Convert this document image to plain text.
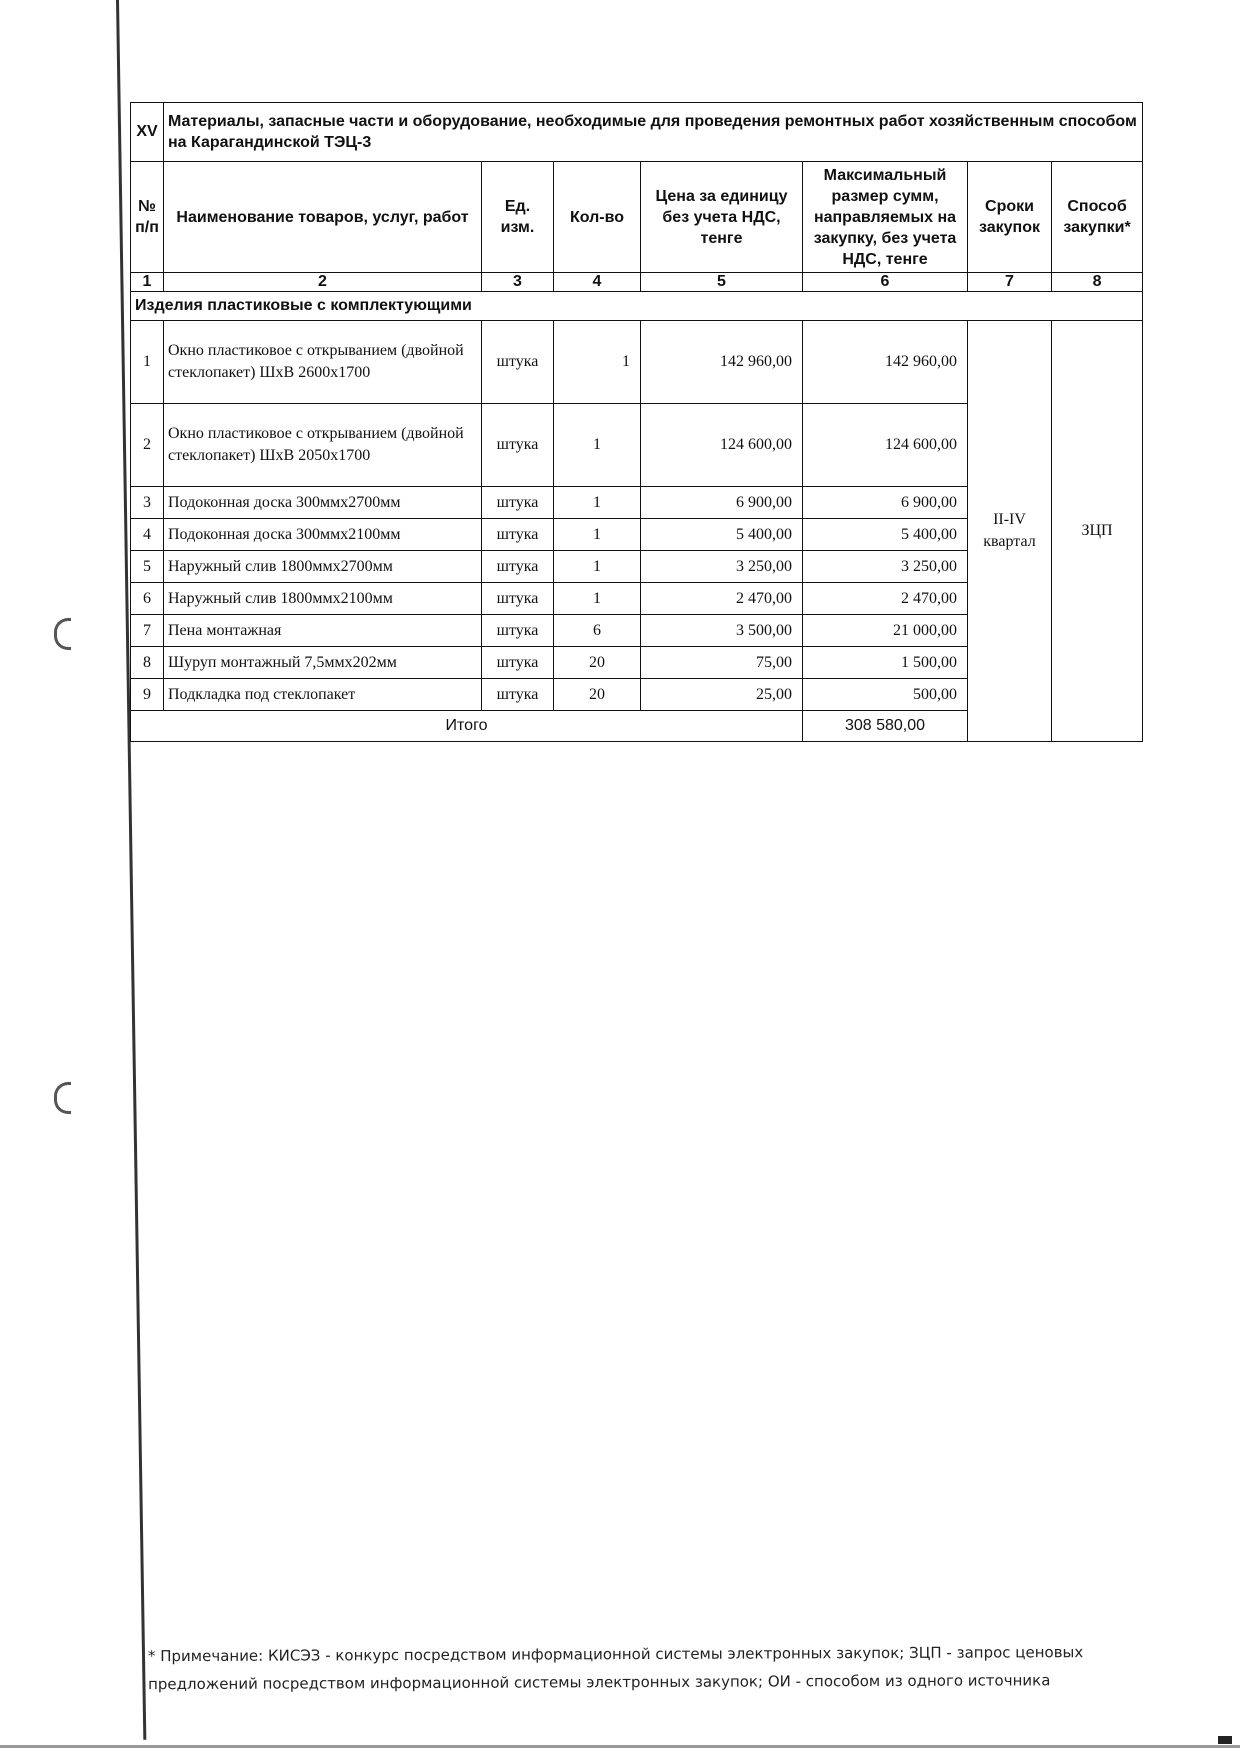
XV	Материалы, запасные части и оборудование, необходимые для проведения ремонтных работ хозяйственным способом на Карагандинской ТЭЦ-3						
№ п/п	Наименование товаров, услуг, работ	Ед. изм.	Кол-во	Цена за единицу без учета НДС, тенге	Максимальный размер сумм, направляемых на закупку, без учета НДС, тенге	Сроки закупок	Способ закупки*
1	2	3	4	5	6	7	8
Изделия пластиковые с комплектующими							
1	Окно пластиковое с открыванием (двойной стеклопакет) ШхВ 2600х1700	штука	1	142 960,00	142 960,00	II-IV квартал	ЗЦП
2	Окно пластиковое с открыванием (двойной стеклопакет) ШхВ 2050х1700	штука	1	124 600,00	124 600,00		
3	Подоконная доска 300ммх2700мм	штука	1	6 900,00	6 900,00		
4	Подоконная доска 300ммх2100мм	штука	1	5 400,00	5 400,00		
5	Наружный слив 1800ммх2700мм	штука	1	3 250,00	3 250,00		
6	Наружный слив 1800ммх2100мм	штука	1	2 470,00	2 470,00		
7	Пена монтажная	штука	6	3 500,00	21 000,00		
8	Шуруп монтажный 7,5ммх202мм	штука	20	75,00	1 500,00		
9	Подкладка под стеклопакет	штука	20	25,00	500,00		
Итого					308 580,00		
* Примечание: КИСЭЗ - конкурс посредством информационной системы электронных закупок; ЗЦП - запрос ценовых предложений посредством информационной системы электронных закупок; ОИ - способом из одного источника
